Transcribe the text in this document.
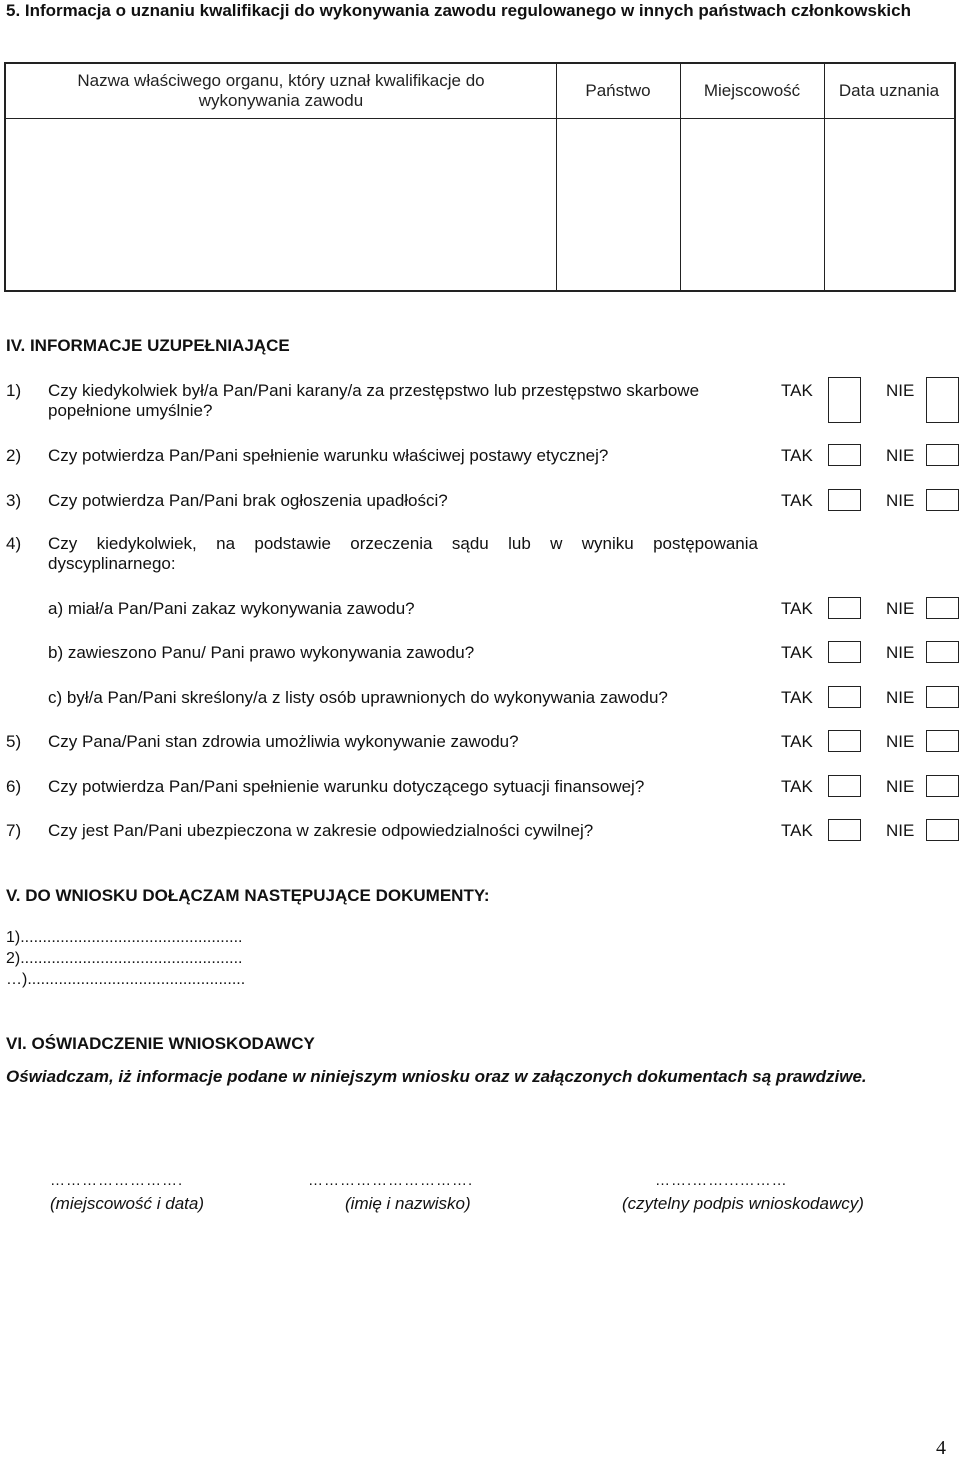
5. Informacja o uznaniu kwalifikacji do wykonywania zawodu regulowanego w innych państwach członkowskich
Nazwa właściwego organu, który uznał kwalifikacje do wykonywania zawodu
Państwo	Miejscowość	Data uznania
IV. INFORMACJE UZUPEŁNIAJĄCE
1) Czy kiedykolwiek był/a Pan/Pani karany/a za przestępstwo lub przestępstwo skarbowe popełnione umyślnie?
TAK	NIE
2) Czy potwierdza Pan/Pani spełnienie warunku właściwej postawy etycznej?	TAK	NIE
3) Czy potwierdza Pan/Pani brak ogłoszenia upadłości?	TAK	NIE
4) Czy kiedykolwiek, na podstawie orzeczenia sądu lub w wyniku postępowania dyscyplinarnego:
a) miał/a Pan/Pani zakaz wykonywania zawodu?	TAK	NIE
b) zawieszono Panu/ Pani prawo wykonywania zawodu?	TAK	NIE
c) był/a Pan/Pani skreślony/a z listy osób uprawnionych do wykonywania zawodu?	TAK	NIE
5) Czy Pana/Pani stan zdrowia umożliwia wykonywanie zawodu?	TAK	NIE
6) Czy potwierdza Pan/Pani spełnienie warunku dotyczącego sytuacji finansowej?	TAK	NIE
7) Czy jest Pan/Pani ubezpieczona w zakresie odpowiedzialności cywilnej?	TAK	NIE
V. DO WNIOSKU DOŁĄCZAM NASTĘPUJĄCE DOKUMENTY:
1)..................................................
2)..................................................
…).................................................
VI. OŚWIADCZENIE WNIOSKODAWCY
Oświadczam, iż informacje podane w niniejszym wniosku oraz w załączonych dokumentach są prawdziwe.
…………………….	………………………….	…….……...………
(miejscowość i data)	(imię i nazwisko)	(czytelny podpis wnioskodawcy)
4
